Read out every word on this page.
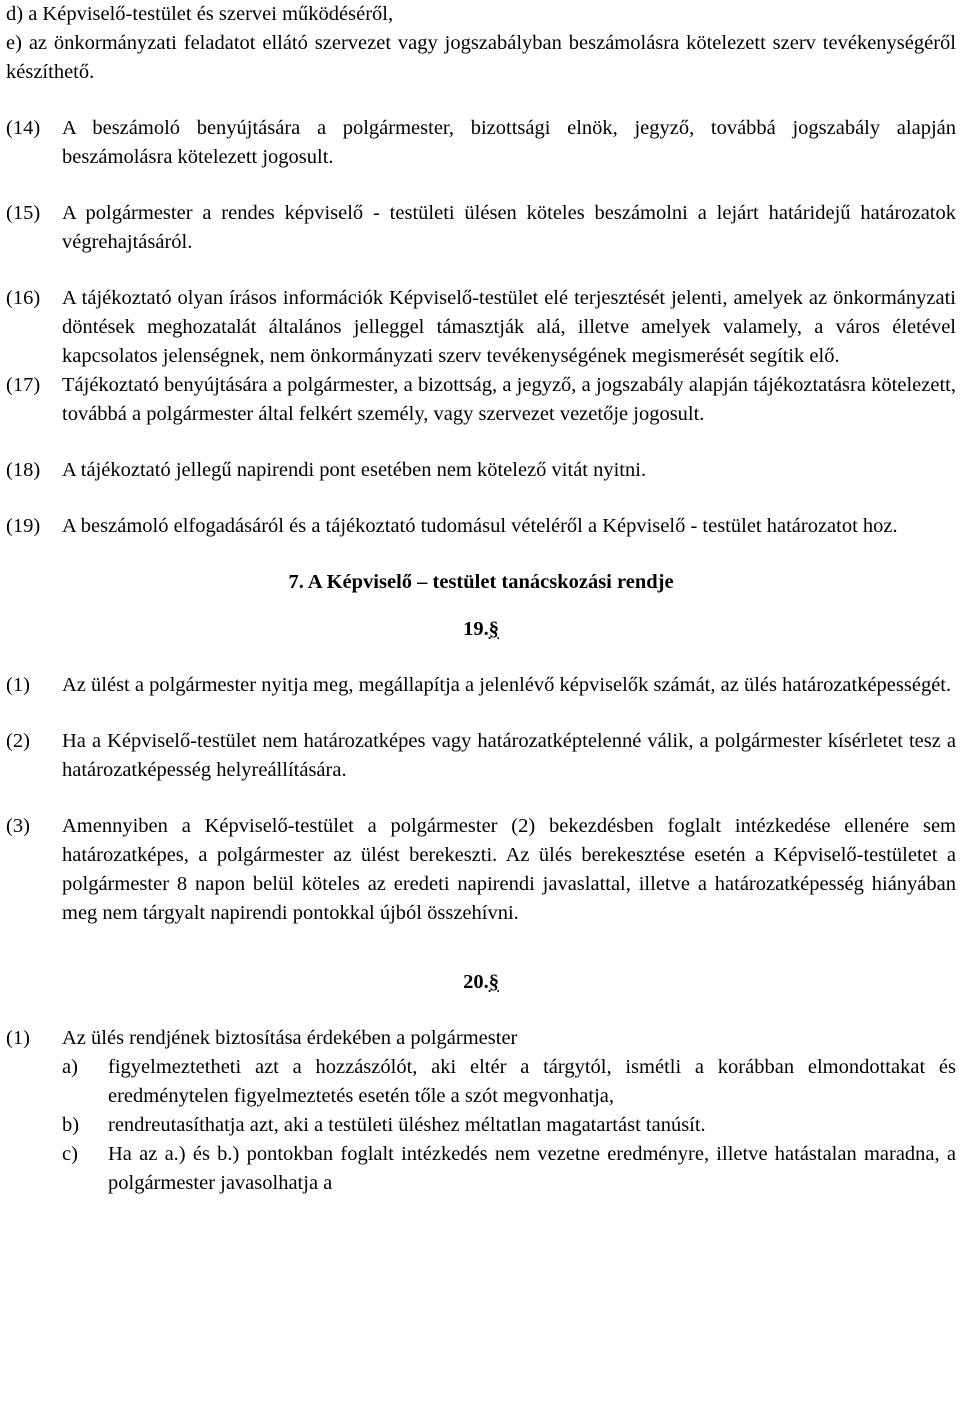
d) a Képviselő-testület és szervei működéséről,

e) az önkormányzati feladatot ellátó szervezet vagy jogszabályban beszámolásra kötelezett szerv tevékenységéről készíthető.

(14)	A beszámoló benyújtására a polgármester, bizottsági elnök, jegyző, továbbá jogszabály alapján beszámolásra kötelezett jogosult.
(15)	A polgármester a rendes képviselő - testületi ülésen köteles beszámolni a lejárt határidejű határozatok végrehajtásáról.
(16)	A tájékoztató olyan írásos információk Képviselő-testület elé terjesztését jelenti, amelyek az önkormányzati döntések meghozatalát általános jelleggel támasztják alá, illetve amelyek valamely, a város életével kapcsolatos jelenségnek, nem önkormányzati szerv tevékenységének megismerését segítik elő.
(17)	Tájékoztató benyújtására a polgármester, a bizottság, a jegyző, a jogszabály alapján tájékoztatásra kötelezett, továbbá a polgármester által felkért személy, vagy szervezet vezetője jogosult.
(18)	A tájékoztató jellegű napirendi pont esetében nem kötelező vitát nyitni.
(19)	A beszámoló elfogadásáról és a tájékoztató tudomásul vételéről a Képviselő - testület határozatot hoz.

7. A Képviselő – testület tanácskozási rendje

19.§

(1)	Az ülést a polgármester nyitja meg, megállapítja a jelenlévő képviselők számát, az ülés határozatképességét.
(2)	Ha a Képviselő-testület nem határozatképes vagy határozatképtelenné válik, a polgármester kísérletet tesz a határozatképesség helyreállítására.
(3)	Amennyiben a Képviselő-testület a polgármester (2) bekezdésben foglalt intézkedése ellenére sem határozatképes, a polgármester az ülést berekeszti. Az ülés berekesztése esetén a Képviselő-testületet a polgármester 8 napon belül köteles az eredeti napirendi javaslattal, illetve a határozatképesség hiányában meg nem tárgyalt napirendi pontokkal újból összehívni.

20.§

(1)	Az ülés rendjének biztosítása érdekében a polgármester
a)	figyelmeztetheti azt a hozzászólót, aki eltér a tárgytól, ismétli a korábban elmondottakat és eredménytelen figyelmeztetés esetén tőle a szót megvonhatja,
b)	rendreutasíthatja azt, aki a testületi üléshez méltatlan magatartást tanúsít.
c)	Ha az a.) és b.) pontokban foglalt intézkedés nem vezetne eredményre, illetve hatástalan maradna, a polgármester javasolhatja a
